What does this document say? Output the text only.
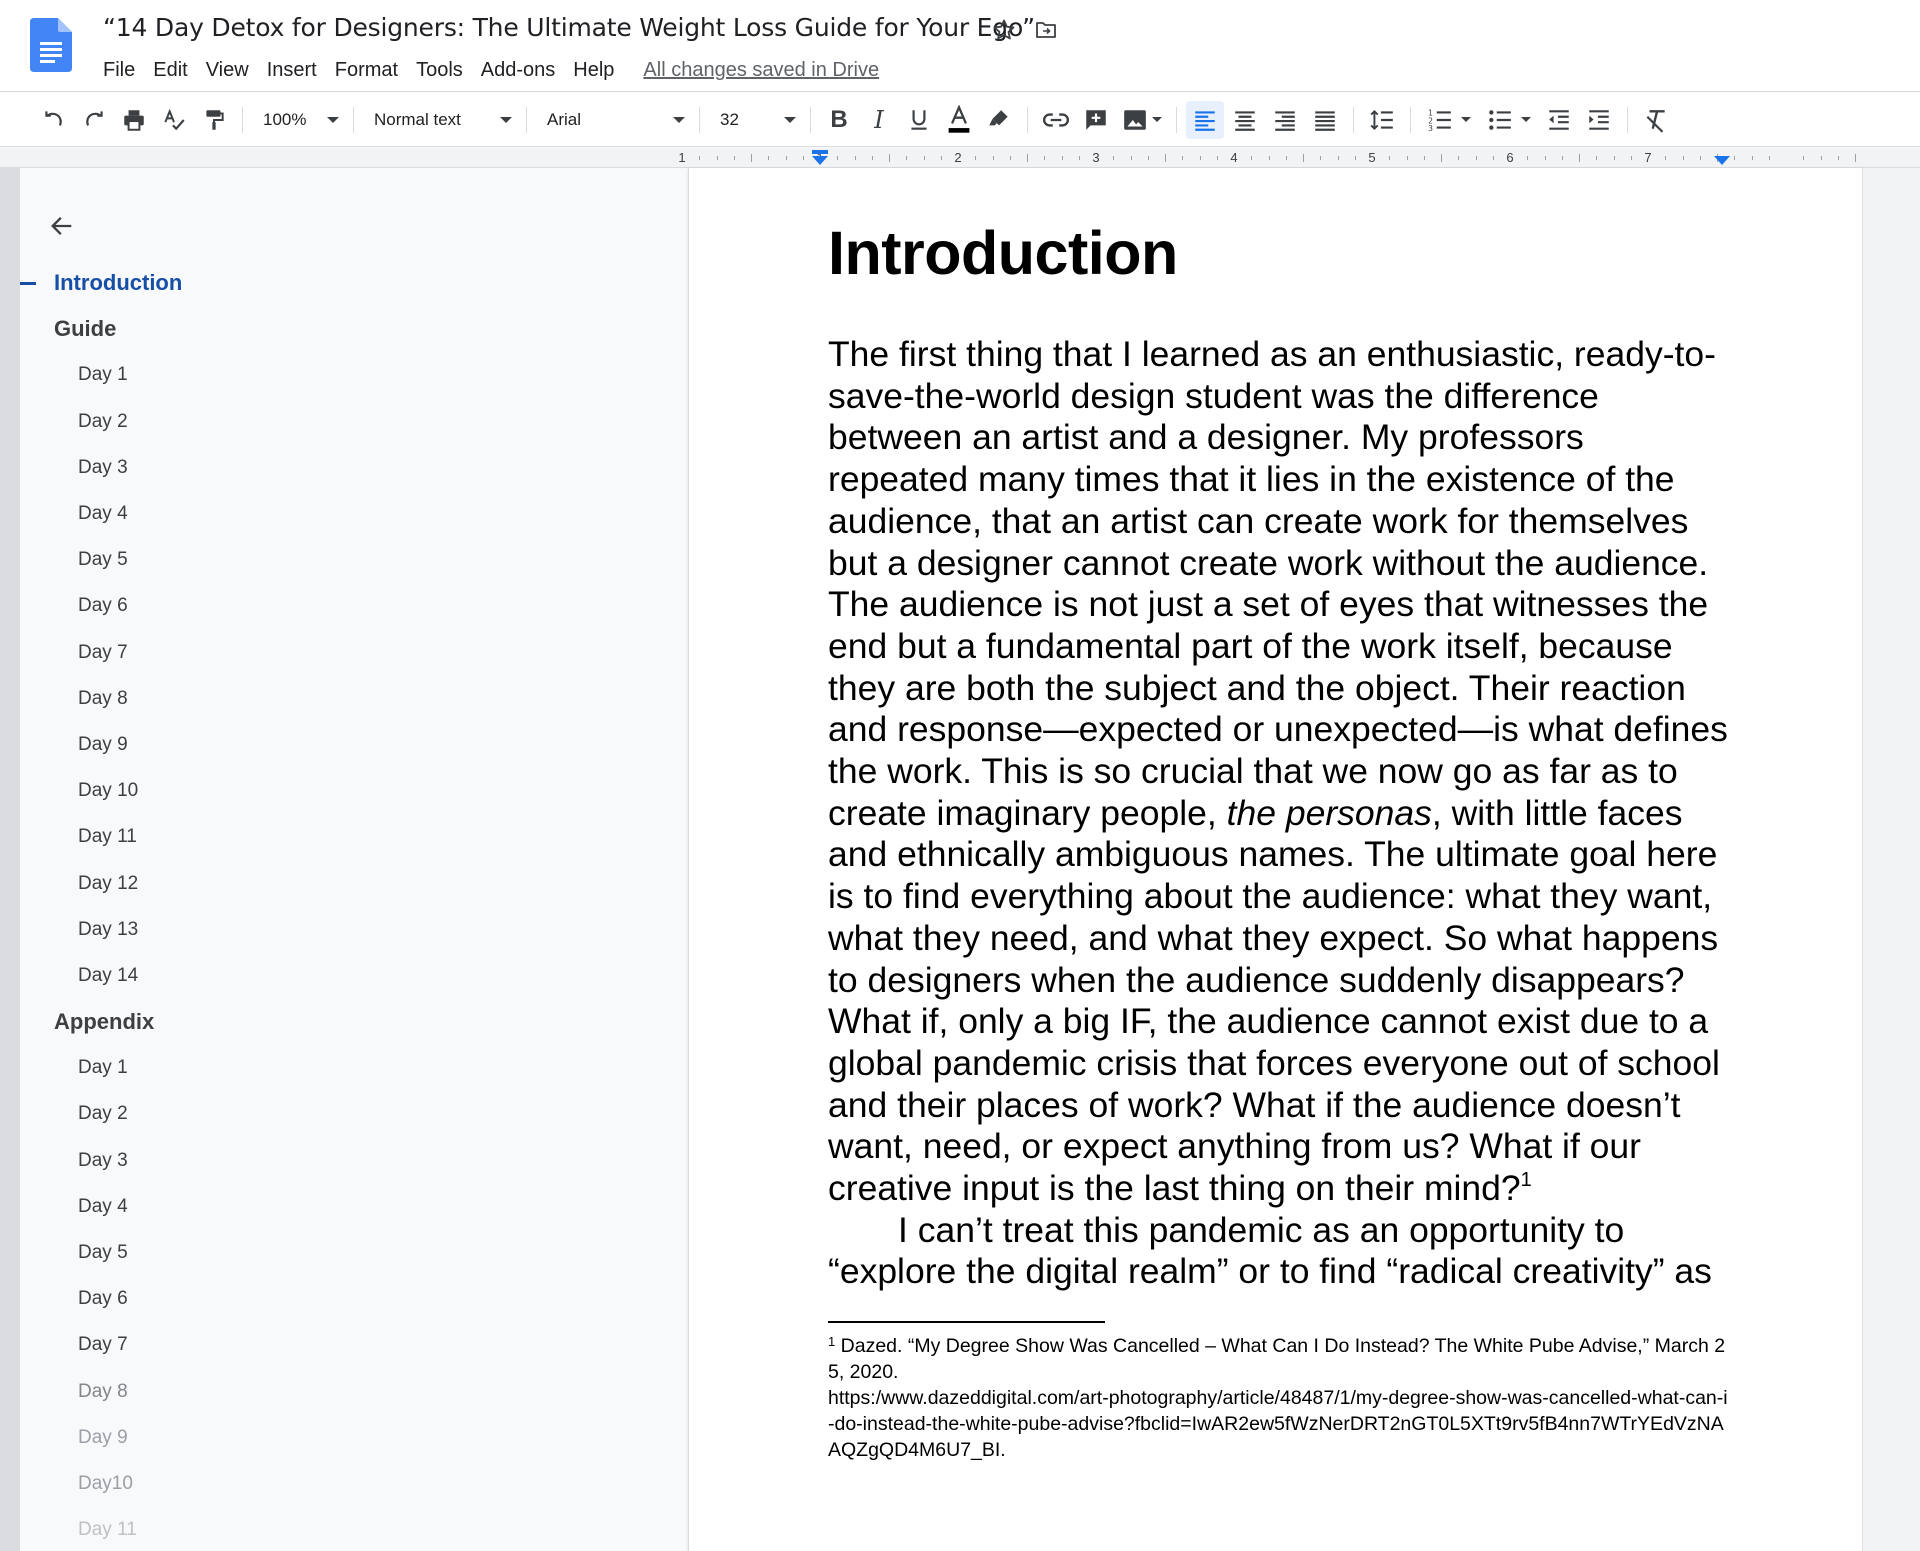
“14 Day Detox for Designers: The Ultimate Weight Loss Guide for Your Ego”
File Edit View Insert Format Tools Add-ons Help	All changes saved in Drive
100%	Normal text	Arial	32	B I	1
2
3
1	2	3	4	5	6	7
Introduction
Guide
Day 1
Day 2
Day 3
Day 4
Day 5
Day 6
Day 7
Day 8
Day 9
Day 10
Day 11
Day 12
Day 13
Day 14
Appendix
Day 1
Day 2
Day 3
Day 4
Day 5
Day 6
Day 7
Day 8
Day 9
Day10
Day 11
Introduction

The first thing that I learned as an enthusiastic, ready-to-save-the-world design student was the difference between an artist and a designer. My professors repeated many times that it lies in the existence of the audience, that an artist can create work for themselves but a designer cannot create work without the audience. The audience is not just a set of eyes that witnesses the end but a fundamental part of the work itself, because they are both the subject and the object. Their reaction and response—expected or unexpected—is what defines the work. This is so crucial that we now go as far as to create imaginary people, the personas, with little faces and ethnically ambiguous names. The ultimate goal here is to find everything about the audience: what they want, what they need, and what they expect. So what happens to designers when the audience suddenly disappears? What if, only a big IF, the audience cannot exist due to a global pandemic crisis that forces everyone out of school and their places of work? What if the audience doesn’t want, need, or expect anything from us? What if our creative input is the last thing on their mind?$^1$

I can’t treat this pandemic as an opportunity to “explore the digital realm” or to find “radical creativity” as

$^1$ Dazed. “My Degree Show Was Cancelled – What Can I Do Instead? The White Pube Advise,” March 25, 2020.
https:/www.dazeddigital.com/art-photography/article/48487/1/my-degree-show-was-cancelled-what-can-i-do-instead-the-white-pube-advise?fbclid=IwAR2ew5fWzNerDRT2nGT0L5XTt9rv5fB4nn7WTrYEdVzNAAQZgQD4M6U7_BI.
